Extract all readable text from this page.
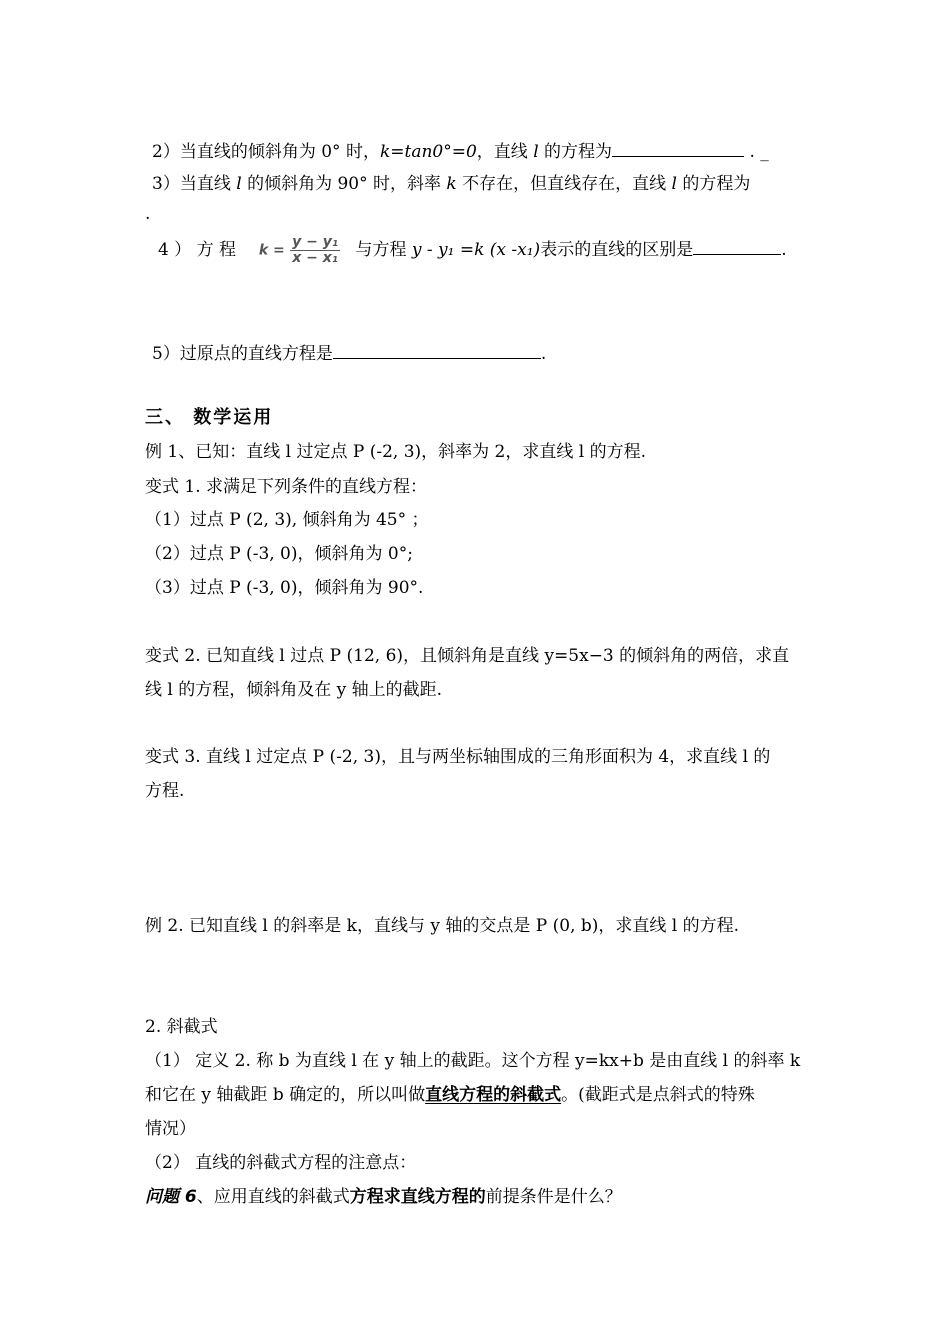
2）当直线的倾斜角为 0° 时，k=tan0°=0，直线 l 的方程为	. _
3）当直线 l 的倾斜角为 90° 时，斜率 k 不存在，但直线存在，直线 l 的方程为
.
4 ） 方 程 $k = \frac{\text{y − y₁}}{\text{x − x₁}}$ 与方程 y - y₁ =k (x -x₁)表示的直线的区别是	.
5）过原点的直线方程是	.
三、 数学运用
例 1、已知：直线 l 过定点 P (-2, 3)，斜率为 2，求直线 l 的方程.
变式 1. 求满足下列条件的直线方程：
（1）过点 P (2, 3), 倾斜角为 45° ；
（2）过点 P (-3, 0)，倾斜角为 0°;
（3）过点 P (-3, 0)，倾斜角为 90°.
变式 2. 已知直线 l 过点 P (12, 6)，且倾斜角是直线 y=5x−3 的倾斜角的两倍，求直
线 l 的方程，倾斜角及在 y 轴上的截距.
变式 3. 直线 l 过定点 P (-2, 3)，且与两坐标轴围成的三角形面积为 4，求直线 l 的
方程.
例 2. 已知直线 l 的斜率是 k，直线与 y 轴的交点是 P (0, b)，求直线 l 的方程.
2. 斜截式
（1） 定义 2. 称 b 为直线 l 在 y 轴上的截距。这个方程 y=kx+b 是由直线 l 的斜率 k
和它在 y 轴截距 b 确定的，所以叫做直线方程的斜截式。(截距式是点斜式的特殊
情况）
（2） 直线的斜截式方程的注意点：
问题 6、应用直线的斜截式方程求直线方程的前提条件是什么？
